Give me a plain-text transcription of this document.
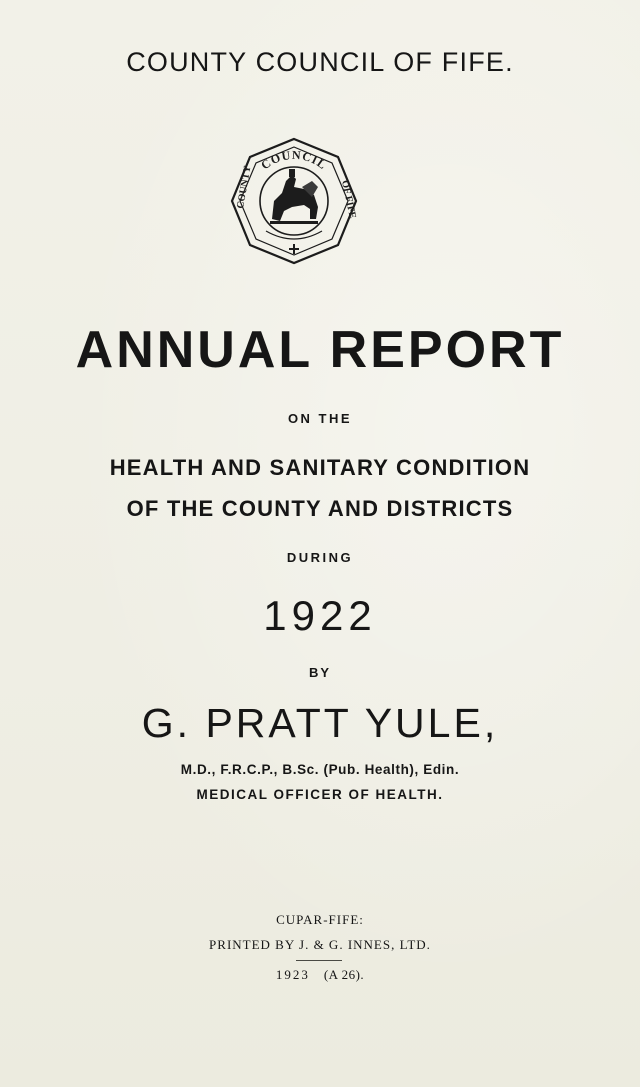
COUNTY COUNCIL OF FIFE.
COUNCIL
COUNTY	OF FIFE
ANNUAL REPORT
ON THE
HEALTH AND SANITARY CONDITION
OF THE COUNTY AND DISTRICTS
DURING
1922
BY
G. PRATT YULE,
M.D., F.R.C.P., B.Sc. (Pub. Health), Edin.
MEDICAL OFFICER OF HEALTH.
CUPAR-FIFE:
PRINTED BY J. & G. INNES, LTD.
1923 (A 26).
